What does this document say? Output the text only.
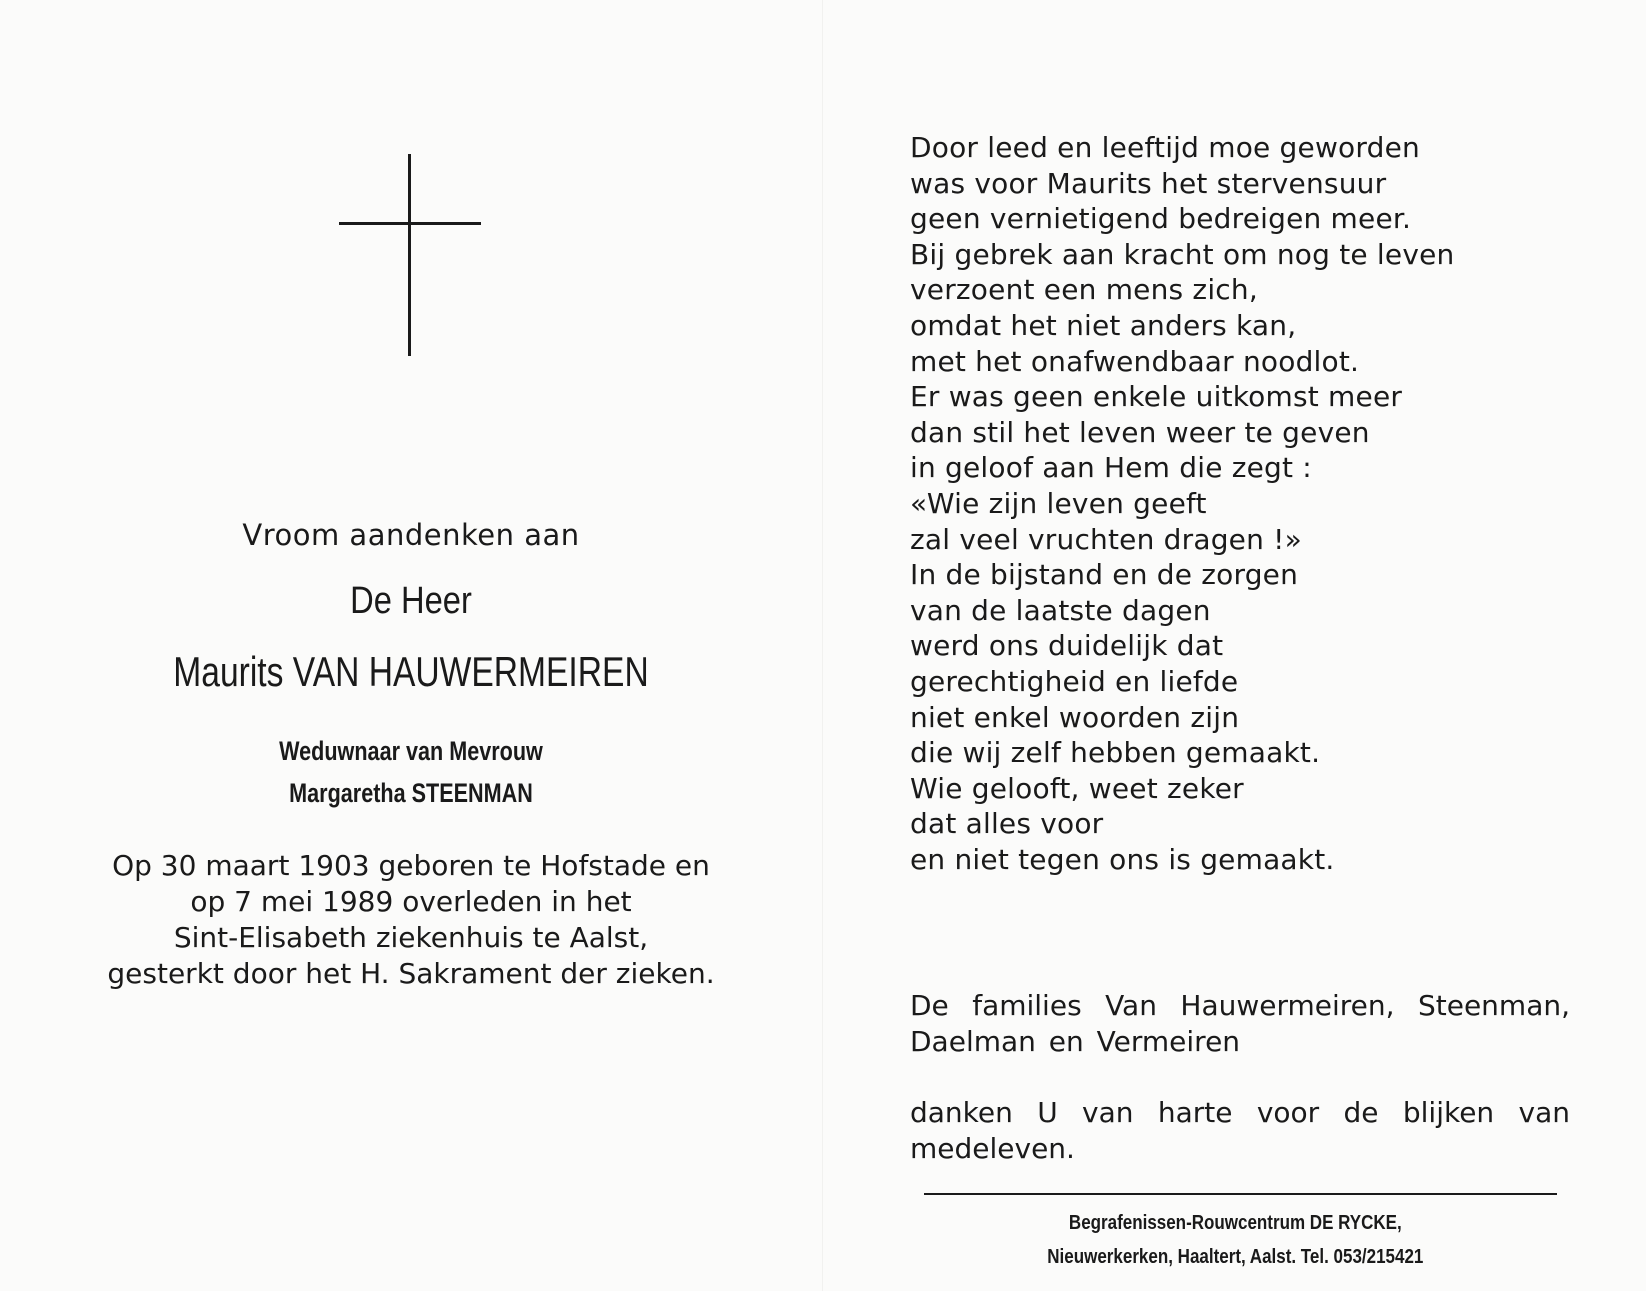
Vroom aandenken aan
De Heer
Maurits VAN HAUWERMEIREN
Weduwnaar van Mevrouw
Margaretha STEENMAN
Op 30 maart 1903 geboren te Hofstade en
op 7 mei 1989 overleden in het
Sint-Elisabeth ziekenhuis te Aalst,
gesterkt door het H. Sakrament der zieken.
Door leed en leeftijd moe geworden
was voor Maurits het stervensuur
geen vernietigend bedreigen meer.
Bij gebrek aan kracht om nog te leven
verzoent een mens zich,
omdat het niet anders kan,
met het onafwendbaar noodlot.
Er was geen enkele uitkomst meer
dan stil het leven weer te geven
in geloof aan Hem die zegt :
«Wie zijn leven geeft
zal veel vruchten dragen !»
In de bijstand en de zorgen
van de laatste dagen
werd ons duidelijk dat
gerechtigheid en liefde
niet enkel woorden zijn
die wij zelf hebben gemaakt.
Wie gelooft, weet zeker
dat alles voor
en niet tegen ons is gemaakt.
De families Van Hauwermeiren, Steenman, Daelman en Vermeiren
danken U van harte voor de blijken van medeleven.
Begrafenissen-Rouwcentrum DE RYCKE,
Nieuwerkerken, Haaltert, Aalst. Tel. 053/215421
